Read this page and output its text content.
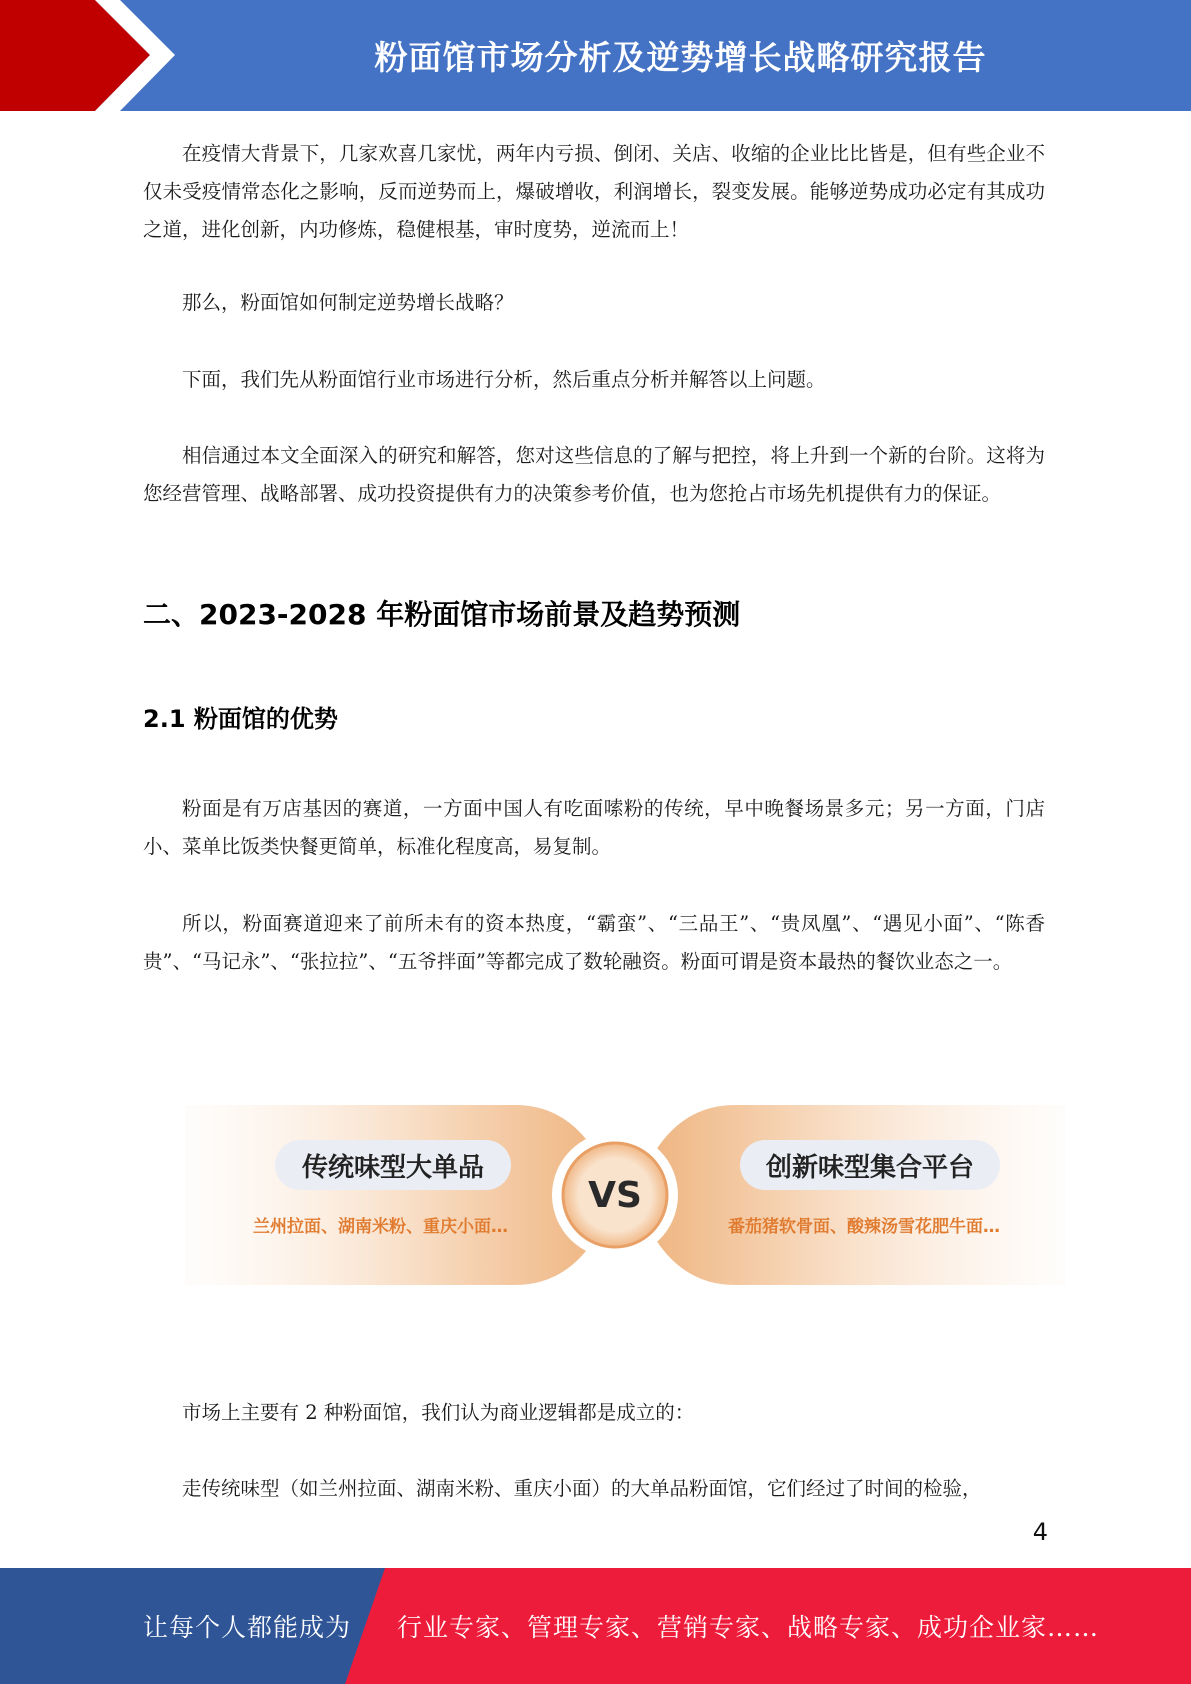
粉面馆市场分析及逆势增长战略研究报告

在疫情大背景下，几家欢喜几家忧，两年内亏损、倒闭、关店、收缩的企业比比皆是，但有些企业不仅未受疫情常态化之影响，反而逆势而上，爆破增收，利润增长，裂变发展。能够逆势成功必定有其成功之道，进化创新，内功修炼，稳健根基，审时度势，逆流而上！

那么，粉面馆如何制定逆势增长战略？

下面，我们先从粉面馆行业市场进行分析，然后重点分析并解答以上问题。

相信通过本文全面深入的研究和解答，您对这些信息的了解与把控，将上升到一个新的台阶。这将为您经营管理、战略部署、成功投资提供有力的决策参考价值，也为您抢占市场先机提供有力的保证。

二、2023-2028 年粉面馆市场前景及趋势预测
2.1 粉面馆的优势

粉面是有万店基因的赛道，一方面中国人有吃面嗦粉的传统，早中晚餐场景多元；另一方面，门店小、菜单比饭类快餐更简单，标准化程度高，易复制。

所以，粉面赛道迎来了前所未有的资本热度，“霸蛮”、“三品王”、“贵凤凰”、“遇见小面”、“陈香贵”、“马记永”、“张拉拉”、“五爷拌面”等都完成了数轮融资。粉面可谓是资本最热的餐饮业态之一。

传统味型大单品
兰州拉面、湖南米粉、重庆小面…
VS
创新味型集合平台
番茄猪软骨面、酸辣汤雪花肥牛面…

市场上主要有 2 种粉面馆，我们认为商业逻辑都是成立的：

走传统味型（如兰州拉面、湖南米粉、重庆小面）的大单品粉面馆，它们经过了时间的检验，

4
让每个人都能成为 行业专家、管理专家、营销专家、战略专家、成功企业家……
